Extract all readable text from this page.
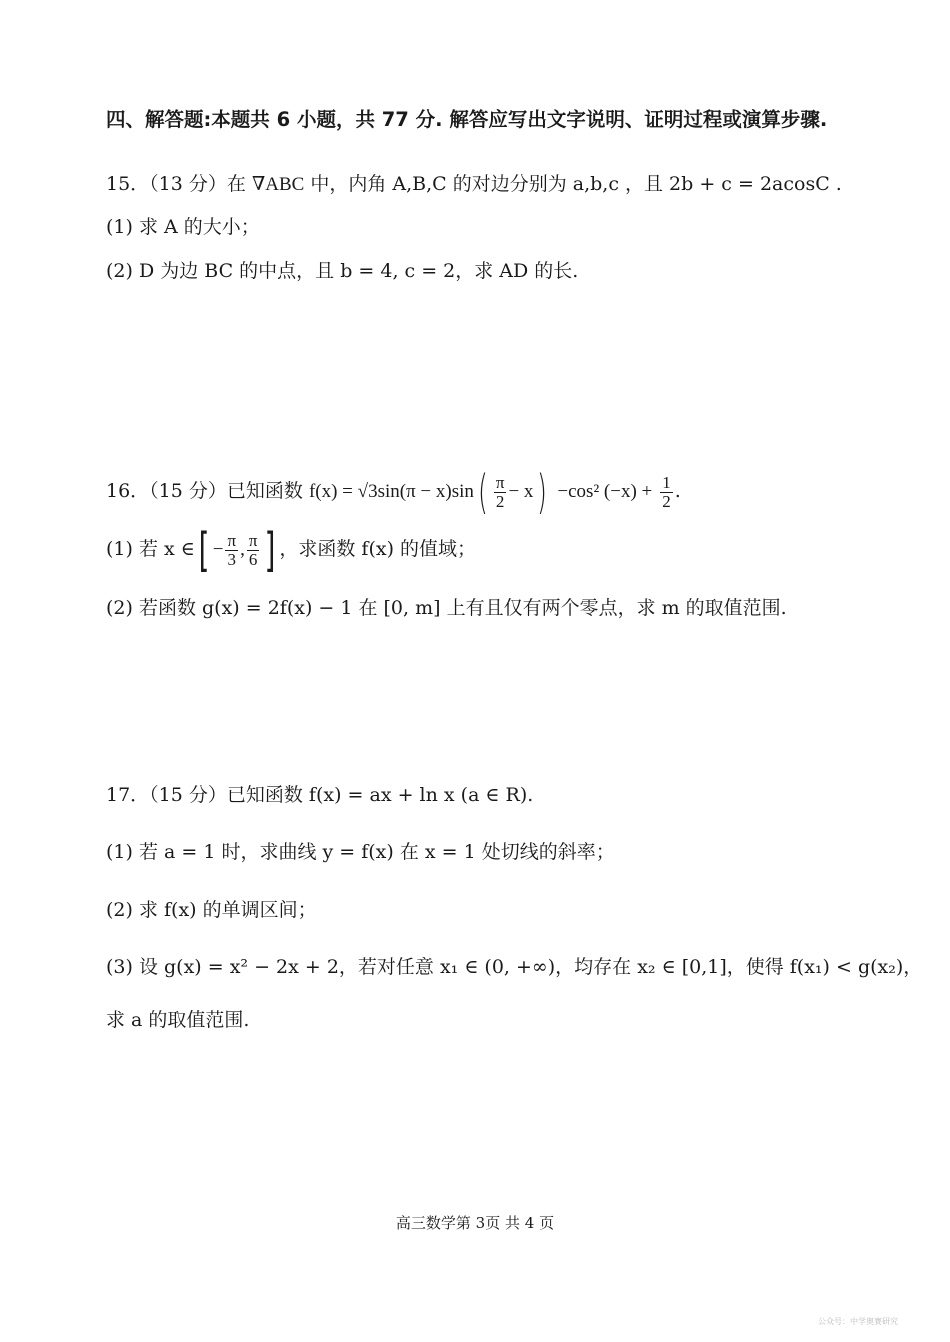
四、解答题:本题共 6 小题，共 77 分. 解答应写出文字说明、证明过程或演算步骤.
15．（13 分）在 ∇ABC 中，内角 A,B,C 的对边分别为 a,b,c ，且 2b + c = 2acosC .
(1) 求 A 的大小；
(2) D 为边 BC 的中点，且 b = 4, c = 2，求 AD 的长.
16．（15 分）已知函数 $f(x) = √3\sin(\pi - x)\sin( \frac{\pi}{2} - x) -\cos^2$ $(-x) + \frac{1}{2}$ .
(1) 若 x ∈[ − $\frac{\pi}{3}$ , $\frac{\pi}{6}$ ] ，求函数 f(x) 的值域；
(2) 若函数 g(x) = 2f(x) − 1 在 [0, m] 上有且仅有两个零点，求 m 的取值范围.
17．（15 分）已知函数 f(x) = ax + ln x (a ∈ R).
(1) 若 a = 1 时，求曲线 y = f(x) 在 x = 1 处切线的斜率；
(2) 求 f(x) 的单调区间；
(3) 设 g(x) = x² − 2x + 2，若对任意 x₁ ∈ (0, +∞)，均存在 x₂ ∈ [0,1]，使得 f(x₁) < g(x₂)，
求 a 的取值范围.
高三数学第 3页 共 4 页
公众号：中学奥赛研究
